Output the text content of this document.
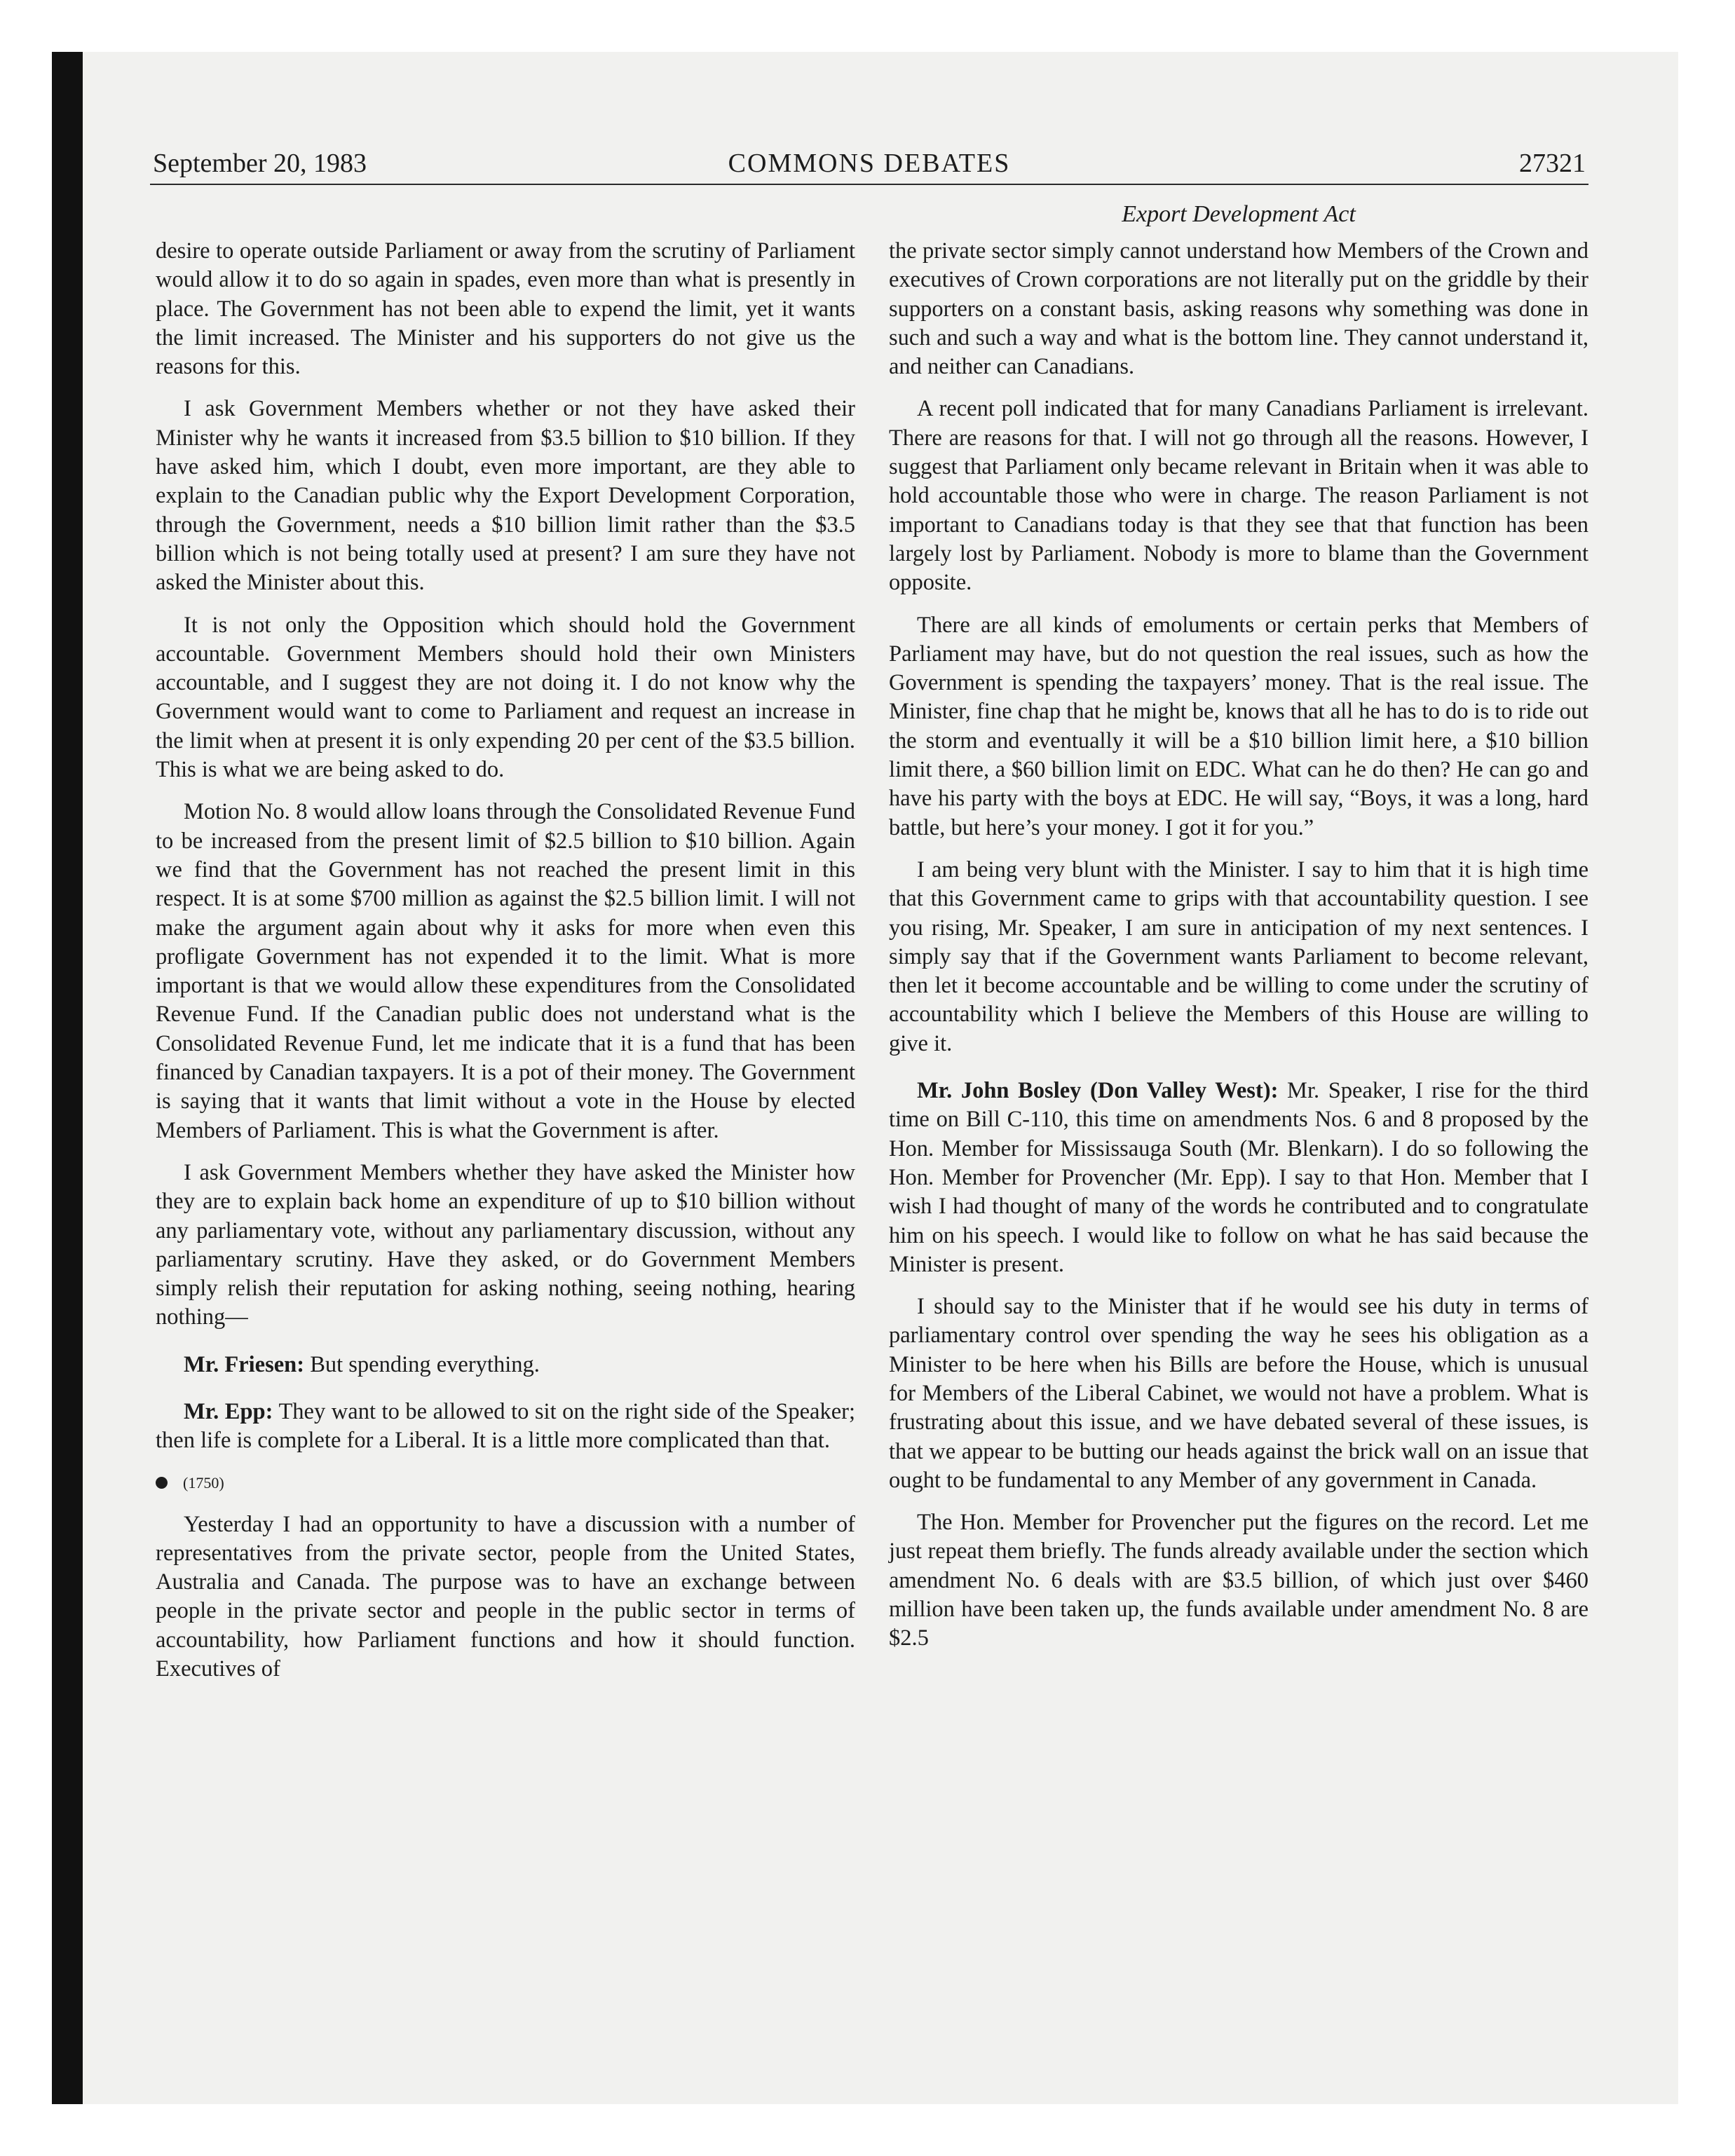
September 20, 1983	COMMONS DEBATES	27321
Export Development Act

desire to operate outside Parliament or away from the scrutiny of Parliament would allow it to do so again in spades, even more than what is presently in place. The Government has not been able to expend the limit, yet it wants the limit increased. The Minister and his supporters do not give us the reasons for this.

I ask Government Members whether or not they have asked their Minister why he wants it increased from $3.5 billion to $10 billion. If they have asked him, which I doubt, even more important, are they able to explain to the Canadian public why the Export Development Corporation, through the Government, needs a $10 billion limit rather than the $3.5 billion which is not being totally used at present? I am sure they have not asked the Minister about this.

It is not only the Opposition which should hold the Government accountable. Government Members should hold their own Ministers accountable, and I suggest they are not doing it. I do not know why the Government would want to come to Parliament and request an increase in the limit when at present it is only expending 20 per cent of the $3.5 billion. This is what we are being asked to do.

Motion No. 8 would allow loans through the Consolidated Revenue Fund to be increased from the present limit of $2.5 billion to $10 billion. Again we find that the Government has not reached the present limit in this respect. It is at some $700 million as against the $2.5 billion limit. I will not make the argument again about why it asks for more when even this profligate Government has not expended it to the limit. What is more important is that we would allow these expenditures from the Consolidated Revenue Fund. If the Canadian public does not understand what is the Consolidated Revenue Fund, let me indicate that it is a fund that has been financed by Canadian taxpayers. It is a pot of their money. The Government is saying that it wants that limit without a vote in the House by elected Members of Parliament. This is what the Government is after.

I ask Government Members whether they have asked the Minister how they are to explain back home an expenditure of up to $10 billion without any parliamentary vote, without any parliamentary discussion, without any parliamentary scrutiny. Have they asked, or do Government Members simply relish their reputation for asking nothing, seeing nothing, hearing nothing—

Mr. Friesen: But spending everything.

Mr. Epp: They want to be allowed to sit on the right side of the Speaker; then life is complete for a Liberal. It is a little more complicated than that.

(1750)

Yesterday I had an opportunity to have a discussion with a number of representatives from the private sector, people from the United States, Australia and Canada. The purpose was to have an exchange between people in the private sector and people in the public sector in terms of accountability, how Parliament functions and how it should function. Executives of

the private sector simply cannot understand how Members of the Crown and executives of Crown corporations are not literally put on the griddle by their supporters on a constant basis, asking reasons why something was done in such and such a way and what is the bottom line. They cannot understand it, and neither can Canadians.

A recent poll indicated that for many Canadians Parliament is irrelevant. There are reasons for that. I will not go through all the reasons. However, I suggest that Parliament only became relevant in Britain when it was able to hold accountable those who were in charge. The reason Parliament is not important to Canadians today is that they see that that function has been largely lost by Parliament. Nobody is more to blame than the Government opposite.

There are all kinds of emoluments or certain perks that Members of Parliament may have, but do not question the real issues, such as how the Government is spending the taxpayers’ money. That is the real issue. The Minister, fine chap that he might be, knows that all he has to do is to ride out the storm and eventually it will be a $10 billion limit here, a $10 billion limit there, a $60 billion limit on EDC. What can he do then? He can go and have his party with the boys at EDC. He will say, “Boys, it was a long, hard battle, but here’s your money. I got it for you.”

I am being very blunt with the Minister. I say to him that it is high time that this Government came to grips with that accountability question. I see you rising, Mr. Speaker, I am sure in anticipation of my next sentences. I simply say that if the Government wants Parliament to become relevant, then let it become accountable and be willing to come under the scrutiny of accountability which I believe the Members of this House are willing to give it.

Mr. John Bosley (Don Valley West): Mr. Speaker, I rise for the third time on Bill C-110, this time on amendments Nos. 6 and 8 proposed by the Hon. Member for Mississauga South (Mr. Blenkarn). I do so following the Hon. Member for Provencher (Mr. Epp). I say to that Hon. Member that I wish I had thought of many of the words he contributed and to congratulate him on his speech. I would like to follow on what he has said because the Minister is present.

I should say to the Minister that if he would see his duty in terms of parliamentary control over spending the way he sees his obligation as a Minister to be here when his Bills are before the House, which is unusual for Members of the Liberal Cabinet, we would not have a problem. What is frustrating about this issue, and we have debated several of these issues, is that we appear to be butting our heads against the brick wall on an issue that ought to be fundamental to any Member of any government in Canada.

The Hon. Member for Provencher put the figures on the record. Let me just repeat them briefly. The funds already available under the section which amendment No. 6 deals with are $3.5 billion, of which just over $460 million have been taken up, the funds available under amendment No. 8 are $2.5
